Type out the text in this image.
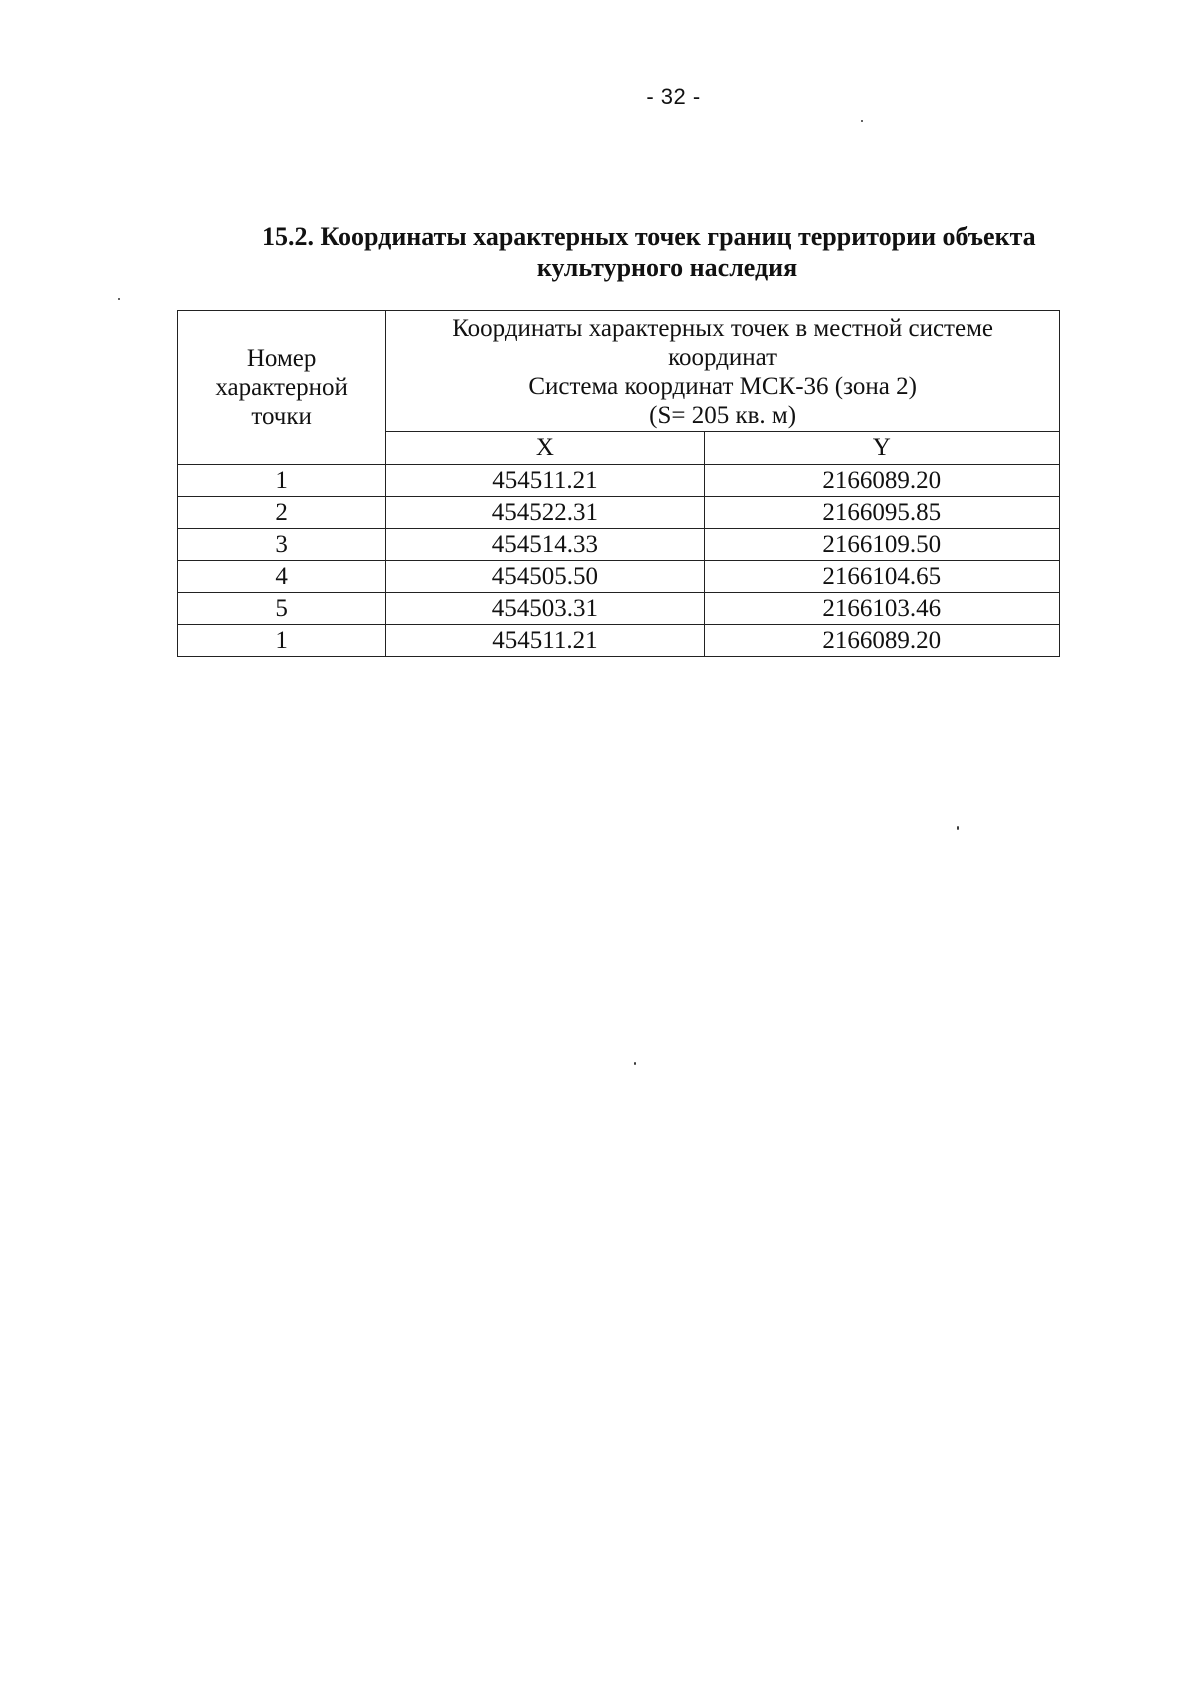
- 32 -
15.2. Координаты характерных точек границ территории объекта
культурного наследия
Номер
характерной
точки	Координаты характерных точек в местной системе
координат
Система координат МСК-36 (зона 2)
(S= 205 кв. м)	

	X	Y
1	454511.21	2166089.20
2	454522.31	2166095.85
3	454514.33	2166109.50
4	454505.50	2166104.65
5	454503.31	2166103.46
1	454511.21	2166089.20
